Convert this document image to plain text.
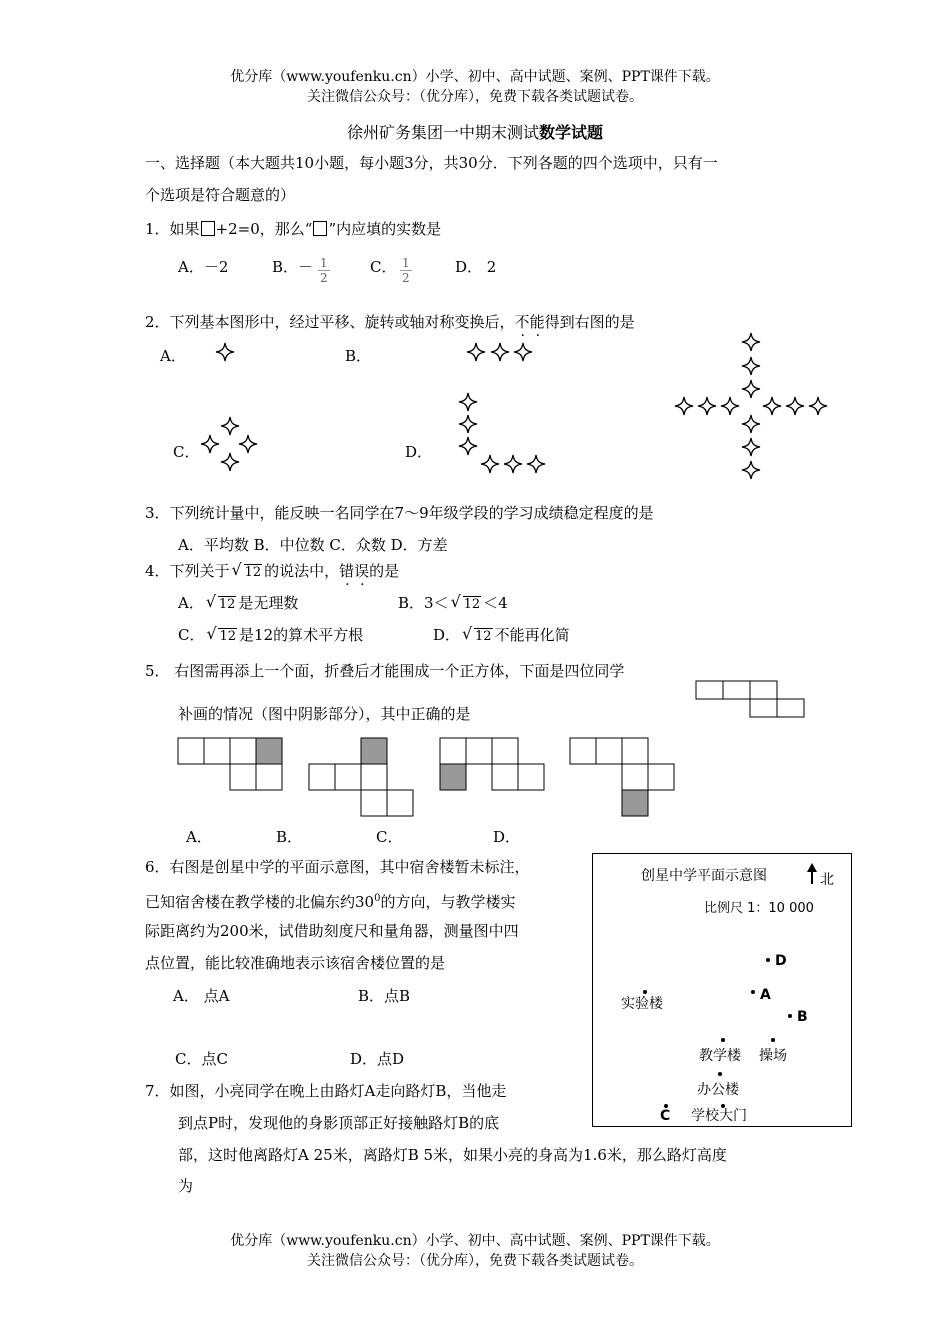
优分库（www.youfenku.cn）小学、初中、高中试题、案例、PPT课件下载。
关注微信公众号：（优分库），免费下载各类试题试卷。
徐州矿务集团一中期末测试数学试题
一、选择题（本大题共10小题，每小题3分，共30分．下列各题的四个选项中，只有一
个选项是符合题意的）
1．如果 +2=0，那么“ ”内应填的实数是
A．－2	B．－ $\frac{1}{2}$	C． $\frac{1}{2}$	D． 2
2．下列基本图形中，经过平移、旋转或轴对称变换后，不能得到右图的是
A．	B．
C．	D．
3．下列统计量中，能反映一名同学在7～9年级学段的学习成绩稳定程度的是
A．平均数 B．中位数 C．众数 D．方差
4．下列关于 √ 12 的说法中，错误的是
A． √ 12 是无理数	B．3＜ √ 12 ＜4
C． √ 12 是12的算术平方根	D． √ 12 不能再化简
5． 右图需再添上一个面，折叠后才能围成一个正方体，下面是四位同学
补画的情况（图中阴影部分），其中正确的是
A．	B．	C．	D．
6．右图是创星中学的平面示意图，其中宿舍楼暂未标注，
已知宿舍楼在教学楼的北偏东约$30^0$的方向，与教学楼实
际距离约为200米，试借助刻度尺和量角器，测量图中四
点位置，能比较准确地表示该宿舍楼位置的是
A． 点A	B．点B
C．点C	D．点D
创星中学平面示意图	北
比例尺 1：10 000
D
A
B
实验楼
教学楼 操场
办公楼
C 学校大门
7．如图，小亮同学在晚上由路灯A走向路灯B，当他走
到点P时，发现他的身影顶部正好接触路灯B的底
部，这时他离路灯A 25米，离路灯B 5米，如果小亮的身高为1.6米，那么路灯高度
为
优分库（www.youfenku.cn）小学、初中、高中试题、案例、PPT课件下载。
关注微信公众号：（优分库），免费下载各类试题试卷。
